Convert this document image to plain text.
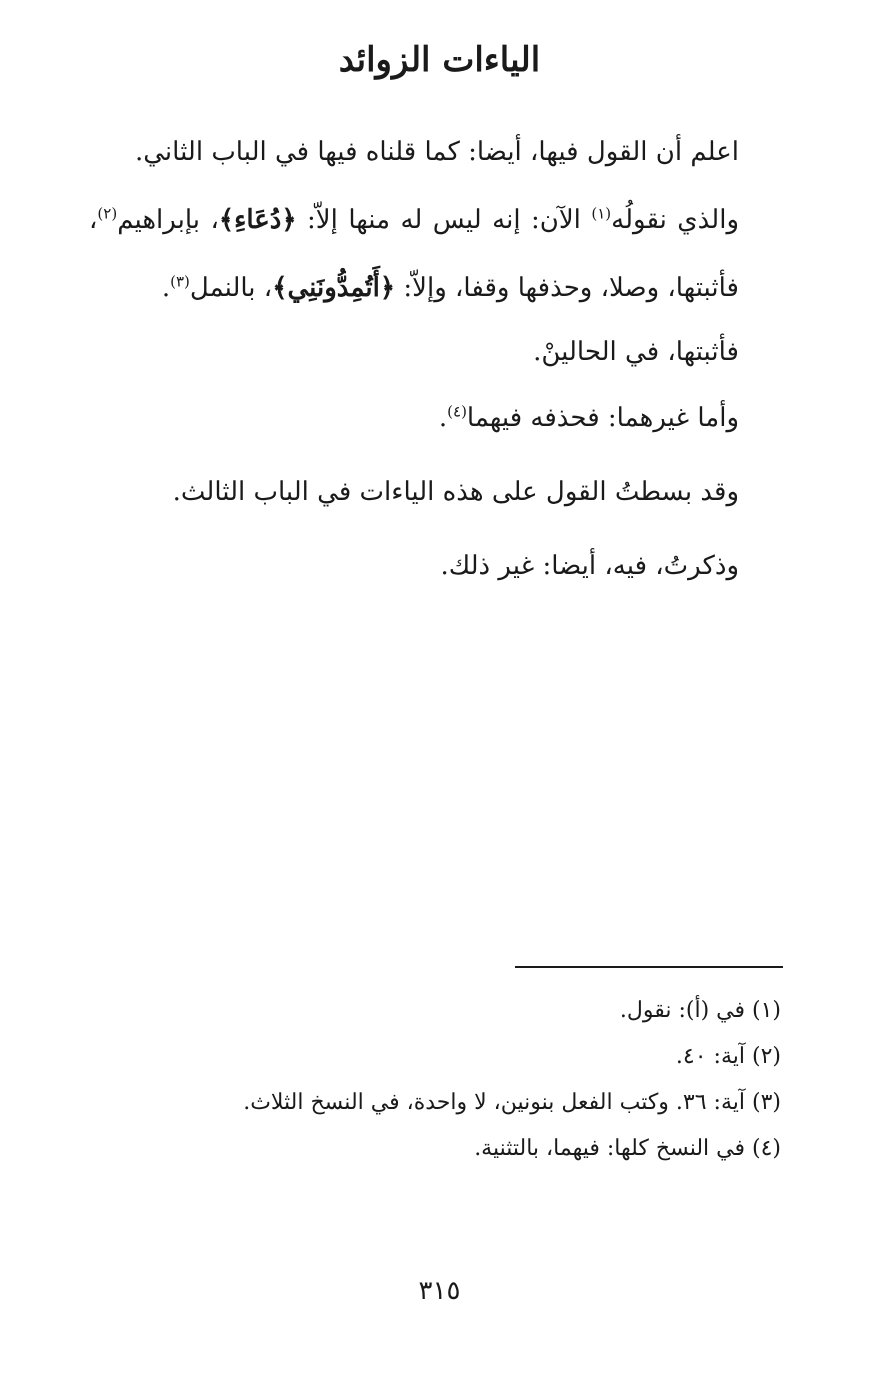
الياءات الزوائد
اعلم أن القول فيها، أيضا: كما قلناه فيها في الباب الثاني.
والذي نقولُه$^{(١)}$ الآن: إنه ليس له منها إلاّ: ﴿دُعَاءِ﴾، بإبراهيم$^{(٢)}$، فأثبتها، وصلا، وحذفها وقفا، وإلاّ: ﴿أَتُمِدُّونَنِي﴾، بالنمل$^{(٣)}$.
فأثبتها، في الحالينْ.
وأما غيرهما: فحذفه فيهما$^{(٤)}$.
وقد بسطتُ القول على هذه الياءات في الباب الثالث.
وذكرتُ، فيه، أيضا: غير ذلك.
(١) في (أ): نقول.
(٢) آية: ٤٠.
(٣) آية: ٣٦. وكتب الفعل بنونين، لا واحدة، في النسخ الثلاث.
(٤) في النسخ كلها: فيهما، بالتثنية.
٣١٥
